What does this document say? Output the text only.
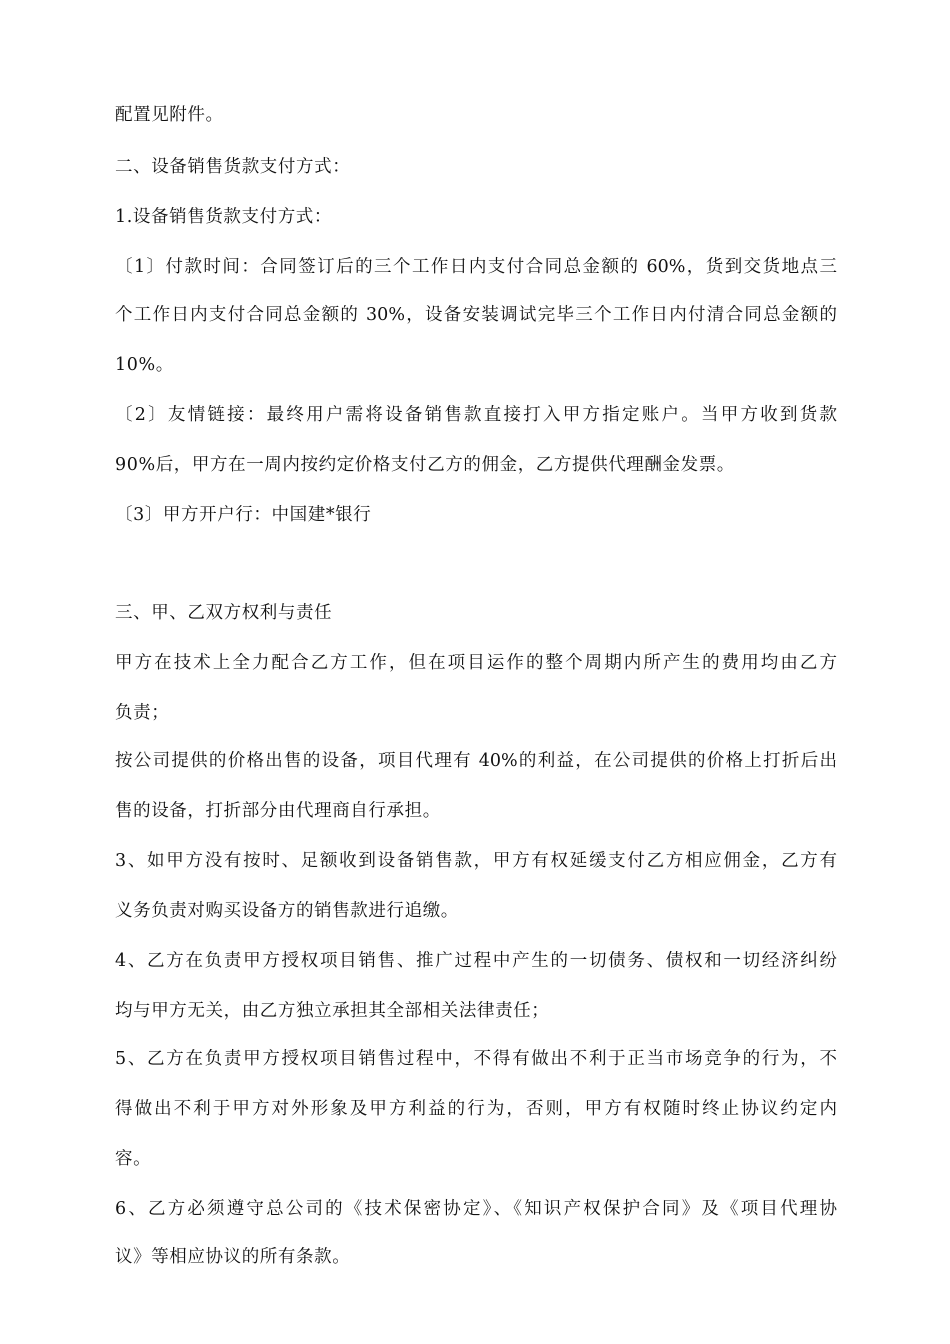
配置见附件。
二、设备销售货款支付方式：
1.设备销售货款支付方式：
〔1〕付款时间：合同签订后的三个工作日内支付合同总金额的 60%，货到交货地点三
个工作日内支付合同总金额的 30%，设备安装调试完毕三个工作日内付清合同总金额的
10%。
〔2〕友情链接：最终用户需将设备销售款直接打入甲方指定账户。当甲方收到货款
90%后，甲方在一周内按约定价格支付乙方的佣金，乙方提供代理酬金发票。
〔3〕甲方开户行：中国建*银行
三、甲、乙双方权利与责任
甲方在技术上全力配合乙方工作，但在项目运作的整个周期内所产生的费用均由乙方
负责；
按公司提供的价格出售的设备，项目代理有 40%的利益，在公司提供的价格上打折后出
售的设备，打折部分由代理商自行承担。
3、如甲方没有按时、足额收到设备销售款，甲方有权延缓支付乙方相应佣金，乙方有
义务负责对购买设备方的销售款进行追缴。
4、乙方在负责甲方授权项目销售、推广过程中产生的一切债务、债权和一切经济纠纷
均与甲方无关，由乙方独立承担其全部相关法律责任；
5、乙方在负责甲方授权项目销售过程中，不得有做出不利于正当市场竞争的行为，不
得做出不利于甲方对外形象及甲方利益的行为，否则，甲方有权随时终止协议约定内
容。
6、乙方必须遵守总公司的《技术保密协定》、《知识产权保护合同》及《项目代理协
议》等相应协议的所有条款。
